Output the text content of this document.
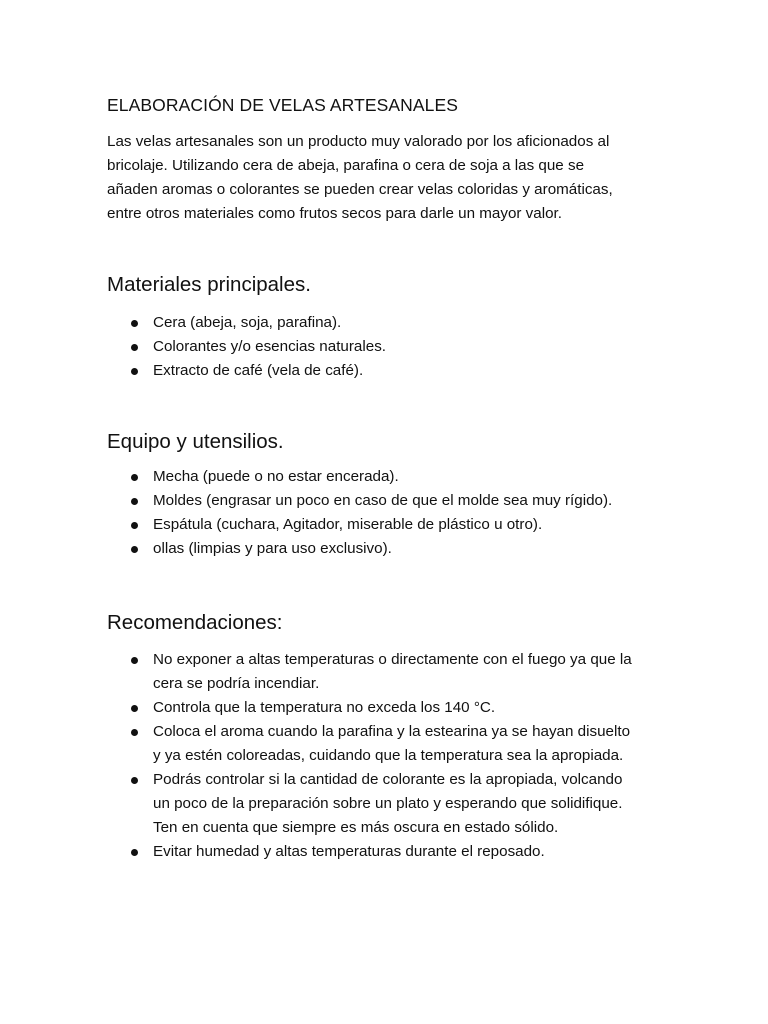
ELABORACIÓN DE VELAS ARTESANALES

Las velas artesanales son un producto muy valorado por los aficionados al
bricolaje. Utilizando cera de abeja, parafina o cera de soja a las que se
añaden aromas o colorantes se pueden crear velas coloridas y aromáticas,
entre otros materiales como frutos secos para darle un mayor valor.

Materiales principales.
Cera (abeja, soja, parafina).
Colorantes y/o esencias naturales.
Extracto de café (vela de café).
Equipo y utensilios.
Mecha (puede o no estar encerada).
Moldes (engrasar un poco en caso de que el molde sea muy rígido).
Espátula (cuchara, Agitador, miserable de plástico u otro).
ollas (limpias y para uso exclusivo).
Recomendaciones:
No exponer a altas temperaturas o directamente con el fuego ya que la
cera se podría incendiar.
Controla que la temperatura no exceda los 140 °C.
Coloca el aroma cuando la parafina y la estearina ya se hayan disuelto
y ya estén coloreadas, cuidando que la temperatura sea la apropiada.
Podrás controlar si la cantidad de colorante es la apropiada, volcando
un poco de la preparación sobre un plato y esperando que solidifique.
Ten en cuenta que siempre es más oscura en estado sólido.
Evitar humedad y altas temperaturas durante el reposado.
